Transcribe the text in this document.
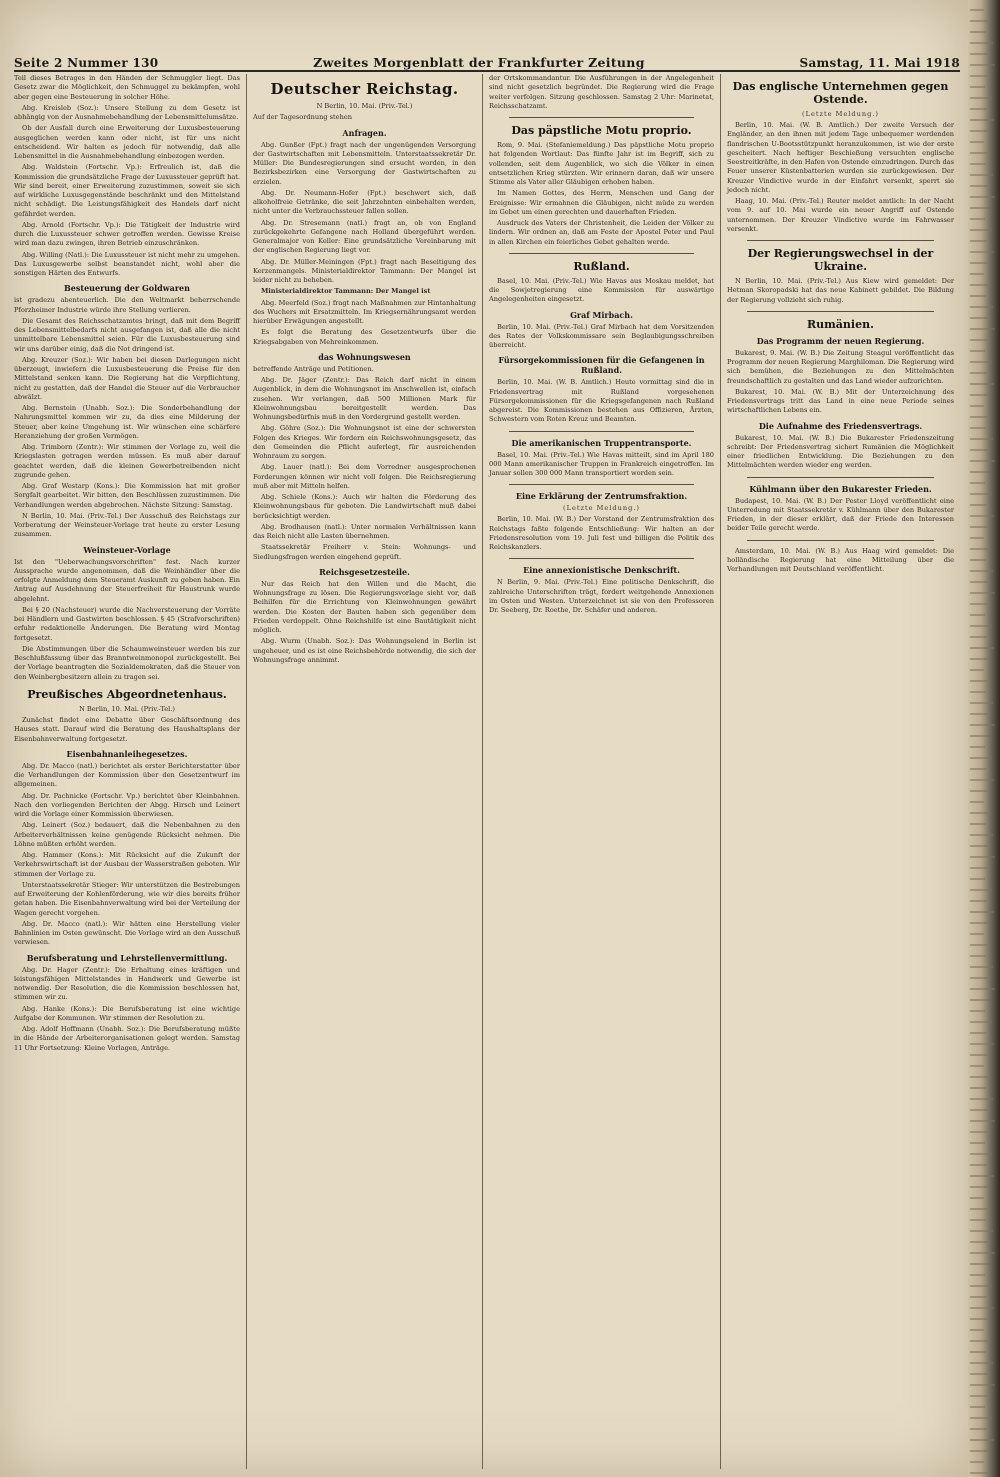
Seite 2 Nummer 130	Zweites Morgenblatt der Frankfurter Zeitung	Samstag, 11. Mai 1918

Teil dieses Betrages in den Händen der Schmuggler liegt. Das Gesetz zwar die Möglichkeit, den Schmuggel zu bekämpfen, wohl aber gegen eine Besteuerung in solcher Höhe.

Abg. Kreisleb (Soz.): Unsere Stellung zu dem Gesetz ist abhängig von der Ausnahmebehandlung der Lebensmittelumsätze.

Ob der Ausfall durch eine Erweiterung der Luxusbesteuerung ausgeglichen werden kann oder nicht, ist für uns nicht entscheidend. Wir halten es jedoch für notwendig, daß alle Lebensmittel in die Ausnahmebehandlung einbezogen werden.

Abg. Waldstein (Fortschr. Vp.): Erfreulich ist, daß die Kommission die grundsätzliche Frage der Luxussteuer geprüft hat. Wir sind bereit, einer Erweiterung zuzustimmen, soweit sie sich auf wirkliche Luxusgegenstände beschränkt und den Mittelstand nicht schädigt. Die Leistungsfähigkeit des Handels darf nicht gefährdet werden.

Abg. Arnold (Fortschr. Vp.): Die Tätigkeit der Industrie wird durch die Luxussteuer schwer getroffen werden. Gewisse Kreise wird man dazu zwingen, ihren Betrieb einzuschränken.

Abg. Willing (Natl.): Die Luxussteuer ist nicht mehr zu umgehen. Das Luxusgewerbe selbst beanstandet nicht, wohl aber die sonstigen Härten des Entwurfs.

Besteuerung der Goldwaren

ist gradezu abenteuerlich. Die den Weltmarkt beherrschende Pforzheimer Industrie würde ihre Stellung verlieren.

Die Gesamt des Reichsschatzamtes bringt, daß mit dem Begriff des Lebensmittelbedarfs nicht ausgefangen ist, daß alle die nicht unmittelbare Lebensmittel seien. Für die Luxusbesteuerung sind wir uns darüber einig, daß die Not dringend ist.

Abg. Kreuzer (Soz.): Wir haben bei diesen Darlegungen nicht überzeugt, inwiefern die Luxusbesteuerung die Preise für den Mittelstand senken kann. Die Regierung hat die Verpflichtung, nicht zu gestatten, daß der Handel die Steuer auf die Verbraucher abwälzt.

Abg. Bernstein (Unabh. Soz.): Die Sonderbehandlung der Nahrungsmittel kommen wir zu, da dies eine Milderung der Steuer, aber keine Umgehung ist. Wir wünschen eine schärfere Heranziehung der großen Vermögen.

Abg. Trimborn (Zentr.): Wir stimmen der Vorlage zu, weil die Kriegslasten getragen werden müssen. Es muß aber darauf geachtet werden, daß die kleinen Gewerbetreibenden nicht zugrunde gehen.

Abg. Graf Westarp (Kons.): Die Kommission hat mit großer Sorgfalt gearbeitet. Wir bitten, den Beschlüssen zuzustimmen. Die Verhandlungen werden abgebrochen. Nächste Sitzung: Samstag.

N Berlin, 10. Mai. (Priv.-Tel.) Der Ausschuß des Reichstags zur Vorberatung der Weinsteuer-Vorlage trat heute zu erster Lesung zusammen.

Weinsteuer-Vorlage

Ist den "Ueberwachungsvorschriften" fest. Nach kurzer Aussprache wurde angenommen, daß die Weinhändler über die erfolgte Anmeldung dem Steueramt Auskunft zu geben haben. Ein Antrag auf Ausdehnung der Steuerfreiheit für Haustrunk wurde abgelehnt.

Bei § 20 (Nachsteuer) wurde die Nachversteuerung der Vorräte bei Händlern und Gastwirten beschlossen. § 45 (Strafvorschriften) erfuhr redaktionelle Änderungen. Die Beratung wird Montag fortgesetzt.

Die Abstimmungen über die Schaumweinsteuer werden bis zur Beschlußfassung über das Branntweinmonopol zurückgestellt. Bei der Vorlage beantragten die Sozialdemokraten, daß die Steuer von den Weinbergbesitzern allein zu tragen sei.

Preußisches Abgeordnetenhaus.

N Berlin, 10. Mai. (Priv.-Tel.)

Zunächst findet eine Debatte über Geschäftsordnung des Hauses statt. Darauf wird die Beratung des Haushaltsplans der Eisenbahnverwaltung fortgesetzt.

Eisenbahnanleihegesetzes.

Abg. Dr. Macco (natl.) berichtet als erster Berichterstatter über die Verhandlungen der Kommission über den Gesetzentwurf im allgemeinen.

Abg. Dr. Pachnicke (Fortschr. Vp.) berichtet über Kleinbahnen. Nach den vorliegenden Berichten der Abgg. Hirsch und Leinert wird die Vorlage einer Kommission überwiesen.

Abg. Leinert (Soz.) bedauert, daß die Nebenbahnen zu den Arbeiterverhältnissen keine genügende Rücksicht nehmen. Die Löhne müßten erhöht werden.

Abg. Hammer (Kons.): Mit Rücksicht auf die Zukunft der Verkehrswirtschaft ist der Ausbau der Wasserstraßen geboten. Wir stimmen der Vorlage zu.

Unterstaatssekretär Stieger: Wir unterstützen die Bestrebungen auf Erweiterung der Kohlenförderung, wie wir dies bereits früher getan haben. Die Eisenbahnverwaltung wird bei der Verteilung der Wagen gerecht vorgehen.

Abg. Dr. Macco (natl.): Wir hätten eine Herstellung vieler Bahnlinien im Osten gewünscht. Die Vorlage wird an den Ausschuß verwiesen.

Berufsberatung und Lehrstellenvermittlung.

Abg. Dr. Hager (Zentr.): Die Erhaltung eines kräftigen und leistungsfähigen Mittelstandes in Handwerk und Gewerbe ist notwendig. Der Resolution, die die Kommission beschlossen hat, stimmen wir zu.

Abg. Hanke (Kons.): Die Berufsberatung ist eine wichtige Aufgabe der Kommunen. Wir stimmen der Resolution zu.

Abg. Adolf Hoffmann (Unabh. Soz.): Die Berufsberatung müßte in die Hände der Arbeiterorganisationen gelegt werden. Samstag 11 Uhr Fortsetzung: Kleine Vorlagen, Anträge.

Deutscher Reichstag.

N Berlin, 10. Mai. (Priv.-Tel.)

Auf der Tagesordnung stehen

Anfragen.

Abg. Gunßer (Fpt.) fragt nach der ungenügenden Versorgung der Gastwirtschaften mit Lebensmitteln. Unterstaatssekretär Dr. Müller: Die Bundesregierungen sind ersucht worden, in den Bezirksbezirken eine Versorgung der Gastwirtschaften zu erzielen.

Abg. Dr. Neumann-Hofer (Fpt.) beschwert sich, daß alkoholfreie Getränke, die seit Jahrzehnten einbehalten werden, nicht unter die Verbrauchssteuer fallen sollen.

Abg. Dr. Stresemann (natl.) fragt an, ob von England zurückgekehrte Gefangene nach Holland übergeführt werden. Generalmajor von Keller: Eine grundsätzliche Vereinbarung mit der englischen Regierung liegt vor.

Abg. Dr. Müller-Meiningen (Fpt.) fragt nach Beseitigung des Kerzenmangels. Ministerialdirektor Tammann: Der Mangel ist leider nicht zu beheben.

Ministerialdirektor Tammann: Der Mangel ist

Abg. Meerfeld (Soz.) fragt nach Maßnahmen zur Hintanhaltung des Wuchers mit Ersatzmitteln. Im Kriegsernährungsamt werden hierüber Erwägungen angestellt.

Es folgt die Beratung des Gesetzentwurfs über die Kriegsabgaben von Mehreinkommen.

das Wohnungswesen

betreffende Anträge und Petitionen.

Abg. Dr. Jäger (Zentr.): Das Reich darf nicht in einem Augenblick, in dem die Wohnungsnot im Anschwellen ist, einfach zusehen. Wir verlangen, daß 500 Millionen Mark für Kleinwohnungsbau bereitgestellt werden. Das Wohnungsbedürfnis muß in den Vordergrund gestellt werden.

Abg. Göhre (Soz.): Die Wohnungsnot ist eine der schwersten Folgen des Krieges. Wir fordern ein Reichswohnungsgesetz, das den Gemeinden die Pflicht auferlegt, für ausreichenden Wohnraum zu sorgen.

Abg. Lauer (natl.): Bei dem Vorredner ausgesprochenen Forderungen können wir nicht voll folgen. Die Reichsregierung muß aber mit Mitteln helfen.

Abg. Schiele (Kons.): Auch wir halten die Förderung des Kleinwohnungsbaus für geboten. Die Landwirtschaft muß dabei berücksichtigt werden.

Abg. Brodhausen (natl.): Unter normalen Verhältnissen kann das Reich nicht alle Lasten übernehmen.

Staatssekretär Freiherr v. Stein: Wohnungs- und Siedlungsfragen werden eingehend geprüft.

Reichsgesetzesteile.

Nur das Reich hat den Willen und die Macht, die Wohnungsfrage zu lösen. Die Regierungsvorlage sieht vor, daß Beihilfen für die Errichtung von Kleinwohnungen gewährt werden. Die Kosten der Bauten haben sich gegenüber dem Frieden verdoppelt. Ohne Reichshilfe ist eine Bautätigkeit nicht möglich.

Abg. Wurm (Unabh. Soz.): Das Wohnungselend in Berlin ist ungeheuer, und es ist eine Reichsbehörde notwendig, die sich der Wohnungsfrage annimmt.

der Ortskommandantur. Die Ausführungen in der Angelegenheit sind nicht gesetzlich begründet. Die Regierung wird die Frage weiter verfolgen. Sitzung geschlossen. Samstag 2 Uhr: Marinetat, Reichsschatzamt.

Das päpstliche Motu proprio.

Rom, 9. Mai. (Stefaniemeldung.) Das päpstliche Motu proprio hat folgenden Wortlaut: Das fünfte Jahr ist im Begriff, sich zu vollenden, seit dem Augenblick, wo sich die Völker in einen entsetzlichen Krieg stürzten. Wir erinnern daran, daß wir unsere Stimme als Vater aller Gläubigen erhoben haben.

Im Namen Gottes, des Herrn, Menschen und Gang der Ereignisse: Wir ermahnen die Gläubigen, nicht müde zu werden im Gebet um einen gerechten und dauerhaften Frieden.

Ausdruck des Vaters der Christenheit, die Leiden der Völker zu lindern. Wir ordnen an, daß am Feste der Apostel Peter und Paul in allen Kirchen ein feierliches Gebet gehalten werde.

Rußland.

Basel, 10. Mai. (Priv.-Tel.) Wie Havas aus Moskau meldet, hat die Sowjetregierung eine Kommission für auswärtige Angelegenheiten eingesetzt.

Graf Mirbach.

Berlin, 10. Mai. (Priv.-Tel.) Graf Mirbach hat dem Vorsitzenden des Rates der Volkskommissare sein Beglaubigungsschreiben überreicht.

Fürsorgekommissionen für die Gefangenen in Rußland.

Berlin, 10. Mai. (W. B. Amtlich.) Heute vormittag sind die in Friedensvertrag mit Rußland vorgesehenen Fürsorgekommissionen für die Kriegsgefangenen nach Rußland abgereist. Die Kommissionen bestehen aus Offizieren, Ärzten, Schwestern vom Roten Kreuz und Beamten.

Die amerikanischen Truppentransporte.

Basel, 10. Mai. (Priv.-Tel.) Wie Havas mitteilt, sind im April 180 000 Mann amerikanischer Truppen in Frankreich eingetroffen. Im Januar sollen 300 000 Mann transportiert worden sein.

Eine Erklärung der Zentrumsfraktion.
(Letzte Meldung.)

Berlin, 10. Mai. (W. B.) Der Vorstand der Zentrumsfraktion des Reichstags faßte folgende Entschließung: Wir halten an der Friedensresolution vom 19. Juli fest und billigen die Politik des Reichskanzlers.

Eine annexionistische Denkschrift.

N Berlin, 9. Mai. (Priv.-Tel.) Eine politische Denkschrift, die zahlreiche Unterschriften trägt, fordert weitgehende Annexionen im Osten und Westen. Unterzeichnet ist sie von den Professoren Dr. Seeberg, Dr. Roethe, Dr. Schäfer und anderen.

Das englische Unternehmen gegen Ostende.
(Letzte Meldung.)

Berlin, 10. Mai. (W. B. Amtlich.) Der zweite Versuch der Engländer, an den ihnen mit jedem Tage unbequemer werdenden flandrischen U-Bootsstützpunkt heranzukommen, ist wie der erste gescheitert. Nach heftiger Beschießung versuchten englische Seestreitkräfte, in den Hafen von Ostende einzudringen. Durch das Feuer unserer Küstenbatterien wurden sie zurückgewiesen. Der Kreuzer Vindictive wurde in der Einfahrt versenkt, sperrt sie jedoch nicht.

Haag, 10. Mai. (Priv.-Tel.) Reuter meldet amtlich: In der Nacht vom 9. auf 10. Mai wurde ein neuer Angriff auf Ostende unternommen. Der Kreuzer Vindictive wurde im Fahrwasser versenkt.

Der Regierungswechsel in der Ukraine.

N Berlin, 10. Mai. (Priv.-Tel.) Aus Kiew wird gemeldet: Der Hetman Skoropadski hat das neue Kabinett gebildet. Die Bildung der Regierung vollzieht sich ruhig.

Rumänien.
Das Programm der neuen Regierung.

Bukarest, 9. Mai. (W. B.) Die Zeitung Steagul veröffentlicht das Programm der neuen Regierung Marghiloman. Die Regierung wird sich bemühen, die Beziehungen zu den Mittelmächten freundschaftlich zu gestalten und das Land wieder aufzurichten.

Bukarest, 10. Mai. (W. B.) Mit der Unterzeichnung des Friedensvertrags tritt das Land in eine neue Periode seines wirtschaftlichen Lebens ein.

Die Aufnahme des Friedensvertrags.

Bukarest, 10. Mai. (W. B.) Die Bukarester Friedenszeitung schreibt: Der Friedensvertrag sichert Rumänien die Möglichkeit einer friedlichen Entwicklung. Die Beziehungen zu den Mittelmächten werden wieder eng werden.

Kühlmann über den Bukarester Frieden.

Budapest, 10. Mai. (W. B.) Der Pester Lloyd veröffentlicht eine Unterredung mit Staatssekretär v. Kühlmann über den Bukarester Frieden, in der dieser erklärt, daß der Friede den Interessen beider Teile gerecht werde.

Amsterdam, 10. Mai. (W. B.) Aus Haag wird gemeldet: Die holländische Regierung hat eine Mitteilung über die Verhandlungen mit Deutschland veröffentlicht.
